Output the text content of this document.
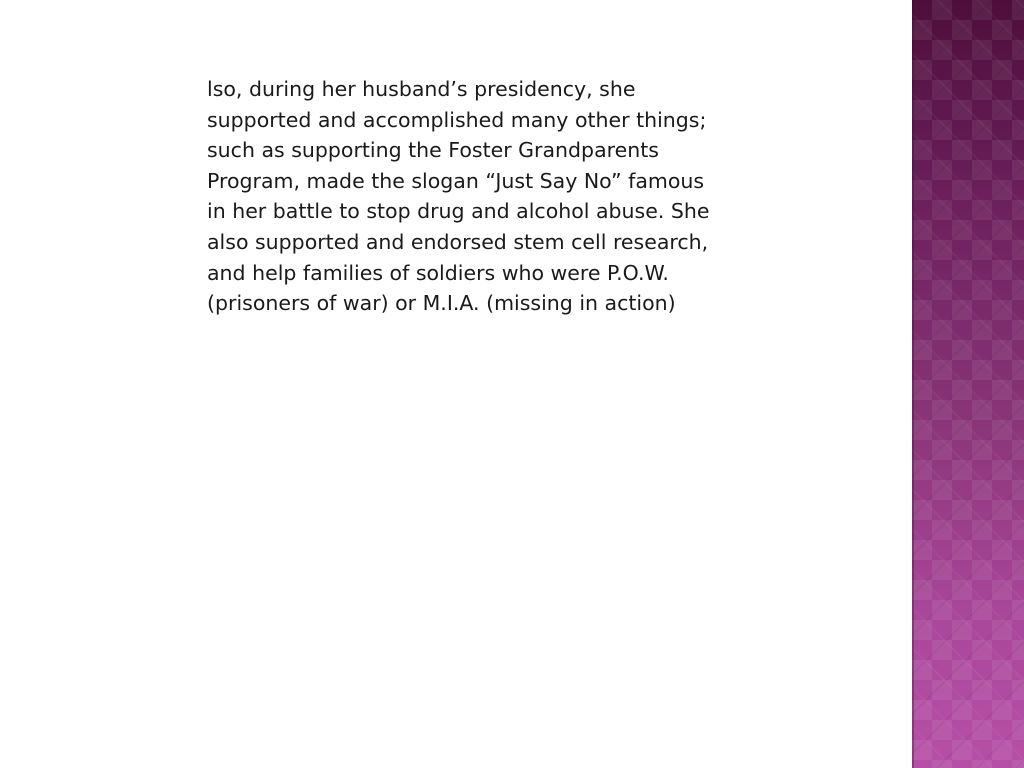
lso, during her husband’s presidency, she
supported and accomplished many other things;
such as supporting the Foster Grandparents
Program, made the slogan “Just Say No” famous
in her battle to stop drug and alcohol abuse. She
also supported and endorsed stem cell research,
and help families of soldiers who were P.O.W.
(prisoners of war) or M.I.A. (missing in action)
